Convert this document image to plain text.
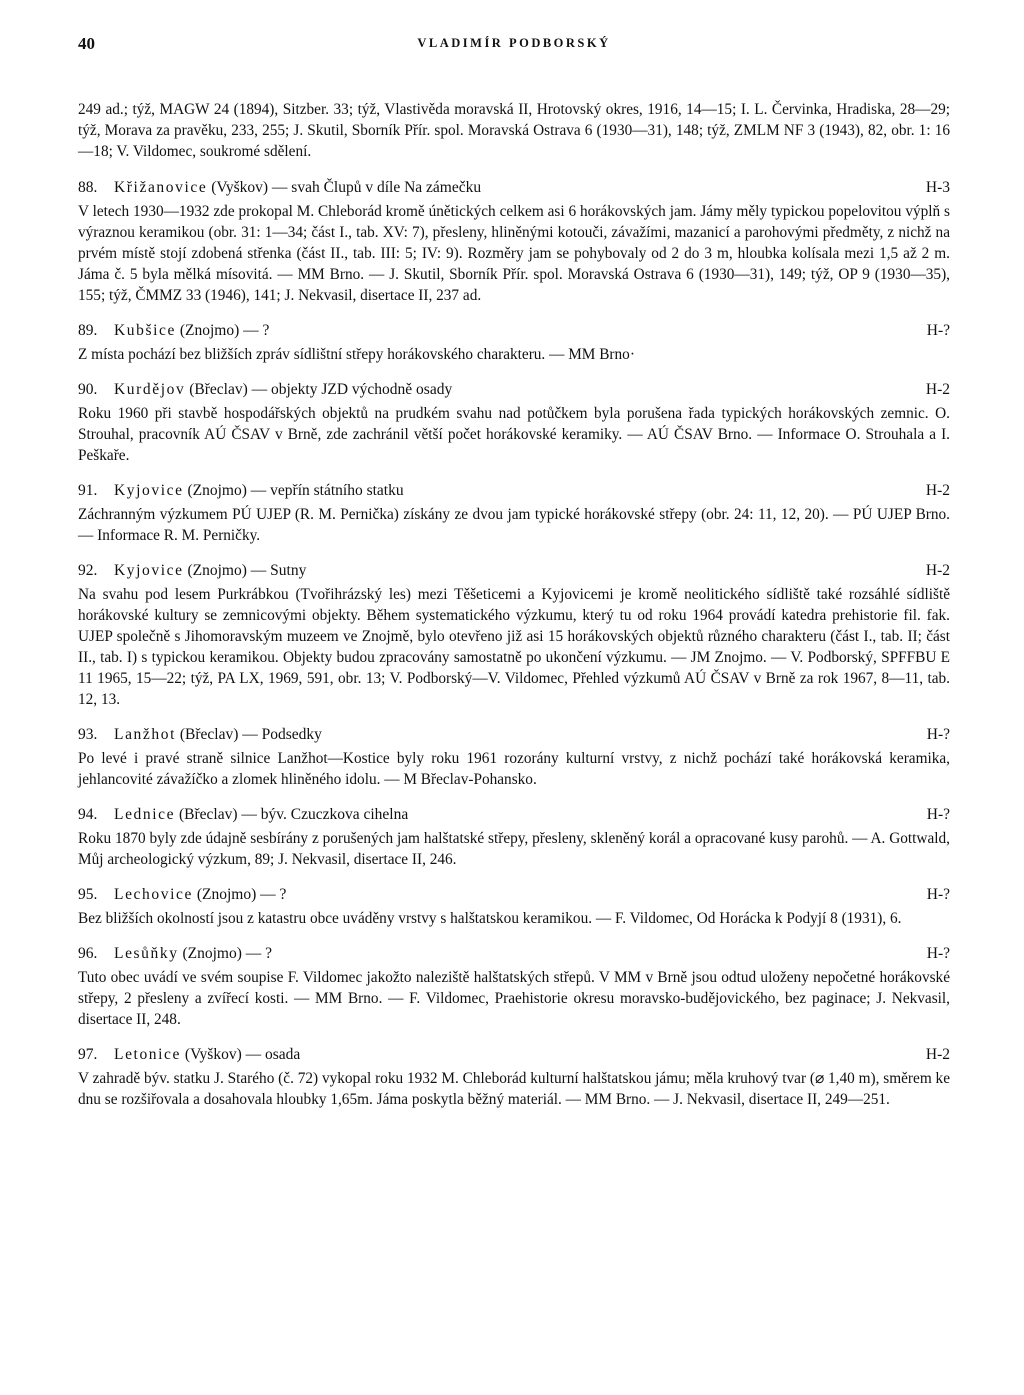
40	VLADIMÍR PODBORSKÝ

249 ad.; týž, MAGW 24 (1894), Sitzber. 33; týž, Vlastivěda moravská II, Hrotovský okres, 1916, 14—15; I. L. Červinka, Hradiska, 28—29; týž, Morava za pravěku, 233, 255; J. Skutil, Sborník Přír. spol. Moravská Ostrava 6 (1930—31), 148; týž, ZMLM NF 3 (1943), 82, obr. 1: 16—18; V. Vildomec, soukromé sdělení.

88. Křižanovice (Vyškov) — svah Člupů v díle Na zámečku	H-3
V letech 1930—1932 zde prokopal M. Chleborád kromě únětických celkem asi 6 horákovských jam. Jámy měly typickou popelovitou výplň s výraznou keramikou (obr. 31: 1—34; část I., tab. XV: 7), přesleny, hliněnými kotouči, závažími, mazanicí a parohovými předměty, z nichž na prvém místě stojí zdobená střenka (část II., tab. III: 5; IV: 9). Rozměry jam se pohybovaly od 2 do 3 m, hloubka kolísala mezi 1,5 až 2 m. Jáma č. 5 byla mělká mísovitá. — MM Brno. — J. Skutil, Sborník Přír. spol. Moravská Ostrava 6 (1930—31), 149; týž, OP 9 (1930—35), 155; týž, ČMMZ 33 (1946), 141; J. Nekvasil, disertace II, 237 ad.
89. Kubšice (Znojmo) — ?	H-?
Z místa pochází bez bližších zpráv sídlištní střepy horákovského charakteru. — MM Brno·
90. Kurdějov (Břeclav) — objekty JZD východně osady	H-2
Roku 1960 při stavbě hospodářských objektů na prudkém svahu nad potůčkem byla porušena řada typických horákovských zemnic. O. Strouhal, pracovník AÚ ČSAV v Brně, zde zachránil větší počet horákovské keramiky. — AÚ ČSAV Brno. — Informace O. Strouhala a I. Peškaře.
91. Kyjovice (Znojmo) — vepřín státního statku	H-2
Záchranným výzkumem PÚ UJEP (R. M. Pernička) získány ze dvou jam typické horákovské střepy (obr. 24: 11, 12, 20). — PÚ UJEP Brno. — Informace R. M. Perničky.
92. Kyjovice (Znojmo) — Sutny	H-2
Na svahu pod lesem Purkrábkou (Tvořihrázský les) mezi Těšeticemi a Kyjovicemi je kromě neolitického sídliště také rozsáhlé sídliště horákovské kultury se zemnicovými objekty. Během systematického výzkumu, který tu od roku 1964 provádí katedra prehistorie fil. fak. UJEP společně s Jihomoravským muzeem ve Znojmě, bylo otevřeno již asi 15 horákovských objektů různého charakteru (část I., tab. II; část II., tab. I) s typickou keramikou. Objekty budou zpracovány samostatně po ukončení výzkumu. — JM Znojmo. — V. Podborský, SPFFBU E 11 1965, 15—22; týž, PA LX, 1969, 591, obr. 13; V. Podborský—V. Vildomec, Přehled výzkumů AÚ ČSAV v Brně za rok 1967, 8—11, tab. 12, 13.
93. Lanžhot (Břeclav) — Podsedky	H-?
Po levé i pravé straně silnice Lanžhot—Kostice byly roku 1961 rozorány kulturní vrstvy, z nichž pochází také horákovská keramika, jehlancovité závažíčko a zlomek hliněného idolu. — M Břeclav-Pohansko.
94. Lednice (Břeclav) — býv. Czuczkova cihelna	H-?
Roku 1870 byly zde údajně sesbírány z porušených jam halštatské střepy, přesleny, skleněný korál a opracované kusy parohů. — A. Gottwald, Můj archeologický výzkum, 89; J. Nekvasil, disertace II, 246.
95. Lechovice (Znojmo) — ?	H-?
Bez bližších okolností jsou z katastru obce uváděny vrstvy s halštatskou keramikou. — F. Vildomec, Od Horácka k Podyjí 8 (1931), 6.
96. Lesůňky (Znojmo) — ?	H-?
Tuto obec uvádí ve svém soupise F. Vildomec jakožto naleziště halštatských střepů. V MM v Brně jsou odtud uloženy nepočetné horákovské střepy, 2 přesleny a zvířecí kosti. — MM Brno. — F. Vildomec, Praehistorie okresu moravsko-budějovického, bez paginace; J. Nekvasil, disertace II, 248.
97. Letonice (Vyškov) — osada	H-2
V zahradě býv. statku J. Starého (č. 72) vykopal roku 1932 M. Chleborád kulturní halštatskou jámu; měla kruhový tvar (⌀ 1,40 m), směrem ke dnu se rozšiřovala a dosahovala hloubky 1,65m. Jáma poskytla běžný materiál. — MM Brno. — J. Nekvasil, disertace II, 249—251.
